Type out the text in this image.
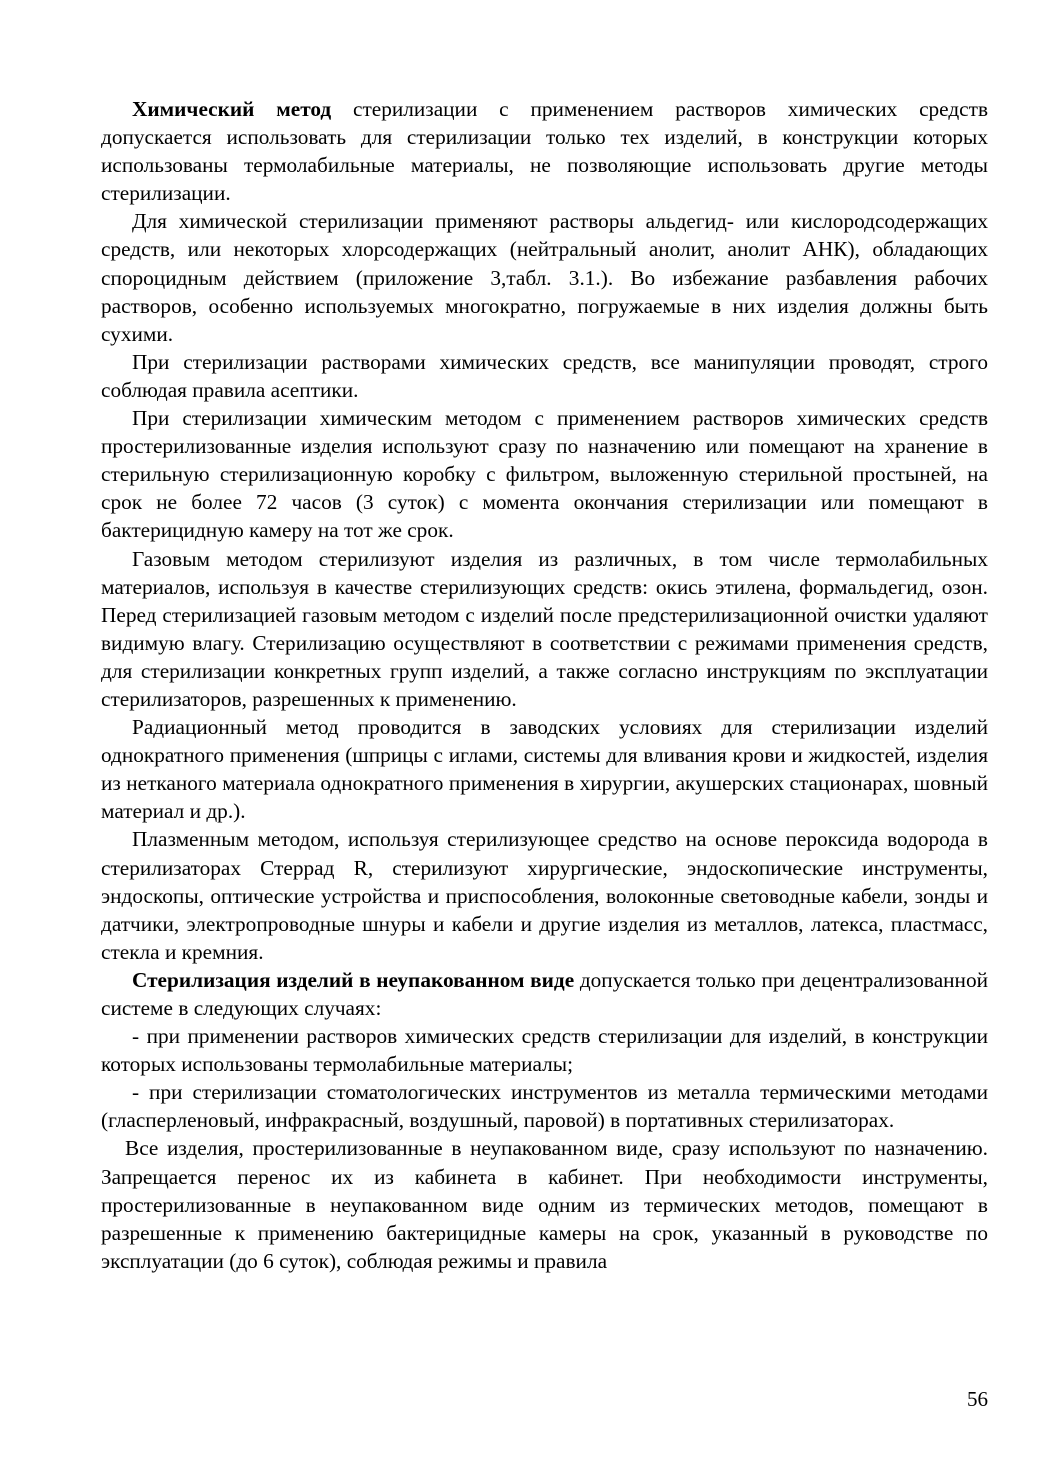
Химический метод стерилизации с применением растворов химических средств допускается использовать для стерилизации только тех изделий, в конструкции которых использованы термолабильные материалы, не позволяющие использовать другие методы стерилизации.

Для химической стерилизации применяют растворы альдегид- или кислородсодержащих средств, или некоторых хлорсодержащих (нейтральный анолит, анолит АНК), обладающих спороцидным действием (приложение 3,табл. 3.1.). Во избежание разбавления рабочих растворов, особенно используемых многократно, погружаемые в них изделия должны быть сухими.

При стерилизации растворами химических средств, все манипуляции проводят, строго соблюдая правила асептики.

При стерилизации химическим методом с применением растворов химических средств простерилизованные изделия используют сразу по назначению или помещают на хранение в стерильную стерилизационную коробку с фильтром, выложенную стерильной простыней, на срок не более 72 часов (3 суток) с момента окончания стерилизации или помещают в бактерицидную камеру на тот же срок.

Газовым методом стерилизуют изделия из различных, в том числе термолабильных материалов, используя в качестве стерилизующих средств: окись этилена, формальдегид, озон. Перед стерилизацией газовым методом с изделий после предстерилизационной очистки удаляют видимую влагу. Стерилизацию осуществляют в соответствии с режимами применения средств, для стерилизации конкретных групп изделий, а также согласно инструкциям по эксплуатации стерилизаторов, разрешенных к применению.

Радиационный метод проводится в заводских условиях для стерилизации изделий однократного применения (шприцы с иглами, системы для вливания крови и жидкостей, изделия из нетканого материала однократного применения в хирургии, акушерских стационарах, шовный материал и др.).

Плазменным методом, используя стерилизующее средство на основе пероксида водорода в стерилизаторах Стеррад R, стерилизуют хирургические, эндоскопические инструменты, эндоскопы, оптические устройства и приспособления, волоконные световодные кабели, зонды и датчики, электропроводные шнуры и кабели и другие изделия из металлов, латекса, пластмасс, стекла и кремния.

Стерилизация изделий в неупакованном виде допускается только при децентрализованной системе в следующих случаях:

- при применении растворов химических средств стерилизации для изделий, в конструкции которых использованы термолабильные материалы;

- при стерилизации стоматологических инструментов из металла термическими методами (гласперленовый, инфракрасный, воздушный, паровой) в портативных стерилизаторах.

Все изделия, простерилизованные в неупакованном виде, сразу используют по назначению. Запрещается перенос их из кабинета в кабинет. При необходимости инструменты, простерилизованные в неупакованном виде одним из термических методов, помещают в разрешенные к применению бактерицидные камеры на срок, указанный в руководстве по эксплуатации (до 6 суток), соблюдая режимы и правила

56
